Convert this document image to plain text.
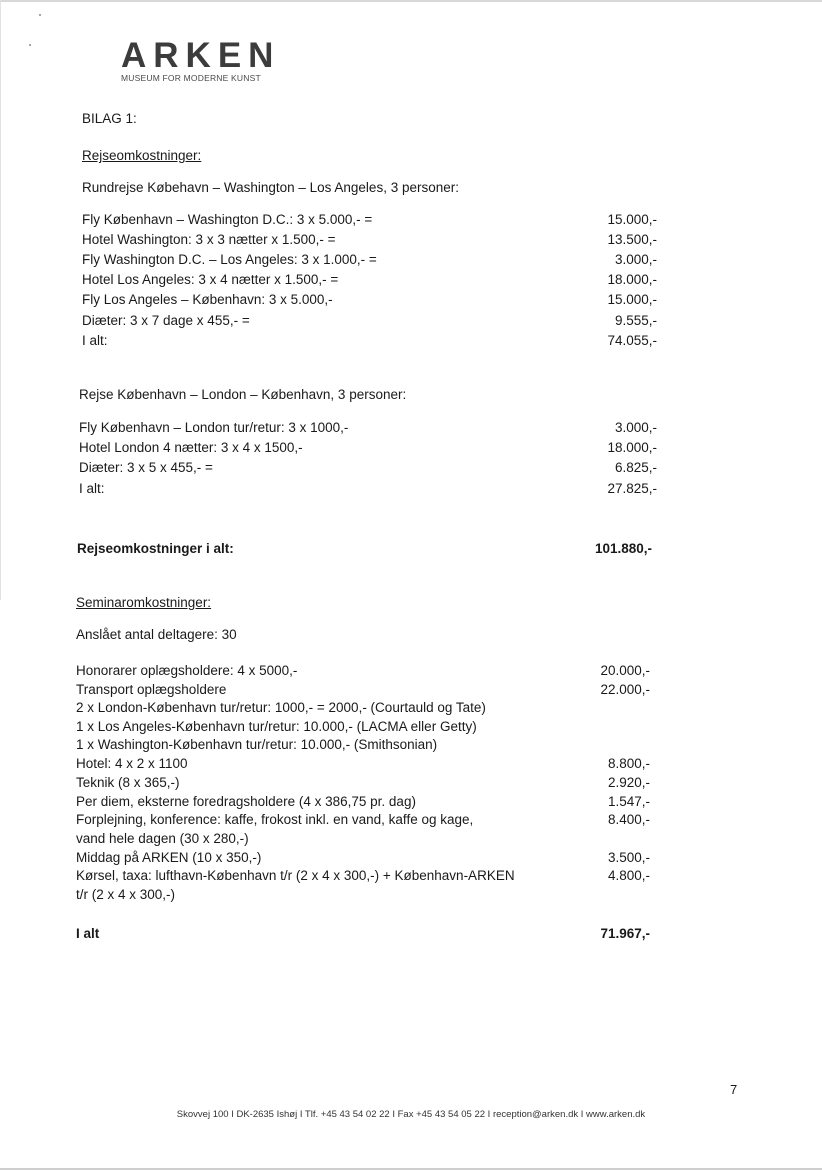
ARKEN
MUSEUM FOR MODERNE KUNST
BILAG 1:
Rejseomkostninger:
Rundrejse Købehavn – Washington – Los Angeles, 3 personer:
Fly København – Washington D.C.: 3 x 5.000,- =	15.000,-
Hotel Washington: 3 x 3 nætter x 1.500,- =	13.500,-
Fly Washington D.C. – Los Angeles: 3 x 1.000,- =	3.000,-
Hotel Los Angeles: 3 x 4 nætter x 1.500,- =	18.000,-
Fly Los Angeles – København: 3 x 5.000,-	15.000,-
Diæter: 3 x 7 dage x 455,- =	9.555,-
I alt:	74.055,-
Rejse København – London – København, 3 personer:
Fly København – London tur/retur: 3 x 1000,-	3.000,-
Hotel London 4 nætter: 3 x 4 x 1500,-	18.000,-
Diæter: 3 x 5 x 455,- =	6.825,-
I alt:	27.825,-
Rejseomkostninger i alt:	101.880,-
Seminaromkostninger:
Anslået antal deltagere: 30
Honorarer oplægsholdere: 4 x 5000,-	20.000,-
Transport oplægsholdere	22.000,-
2 x London-København tur/retur: 1000,- = 2000,- (Courtauld og Tate)
1 x Los Angeles-København tur/retur: 10.000,- (LACMA eller Getty)
1 x Washington-København tur/retur: 10.000,- (Smithsonian)
Hotel: 4 x 2 x 1100	8.800,-
Teknik (8 x 365,-)	2.920,-
Per diem, eksterne foredragsholdere (4 x 386,75 pr. dag)	1.547,-
Forplejning, konference: kaffe, frokost inkl. en vand, kaffe og kage,	8.400,-
vand hele dagen (30 x 280,-)
Middag på ARKEN (10 x 350,-)	3.500,-
Kørsel, taxa: lufthavn-København t/r (2 x 4 x 300,-) + København-ARKEN	4.800,-
t/r (2 x 4 x 300,-)
I alt	71.967,-
7
Skovvej 100 I DK-2635 Ishøj I Tlf. +45 43 54 02 22 I Fax +45 43 54 05 22 I reception@arken.dk I www.arken.dk
